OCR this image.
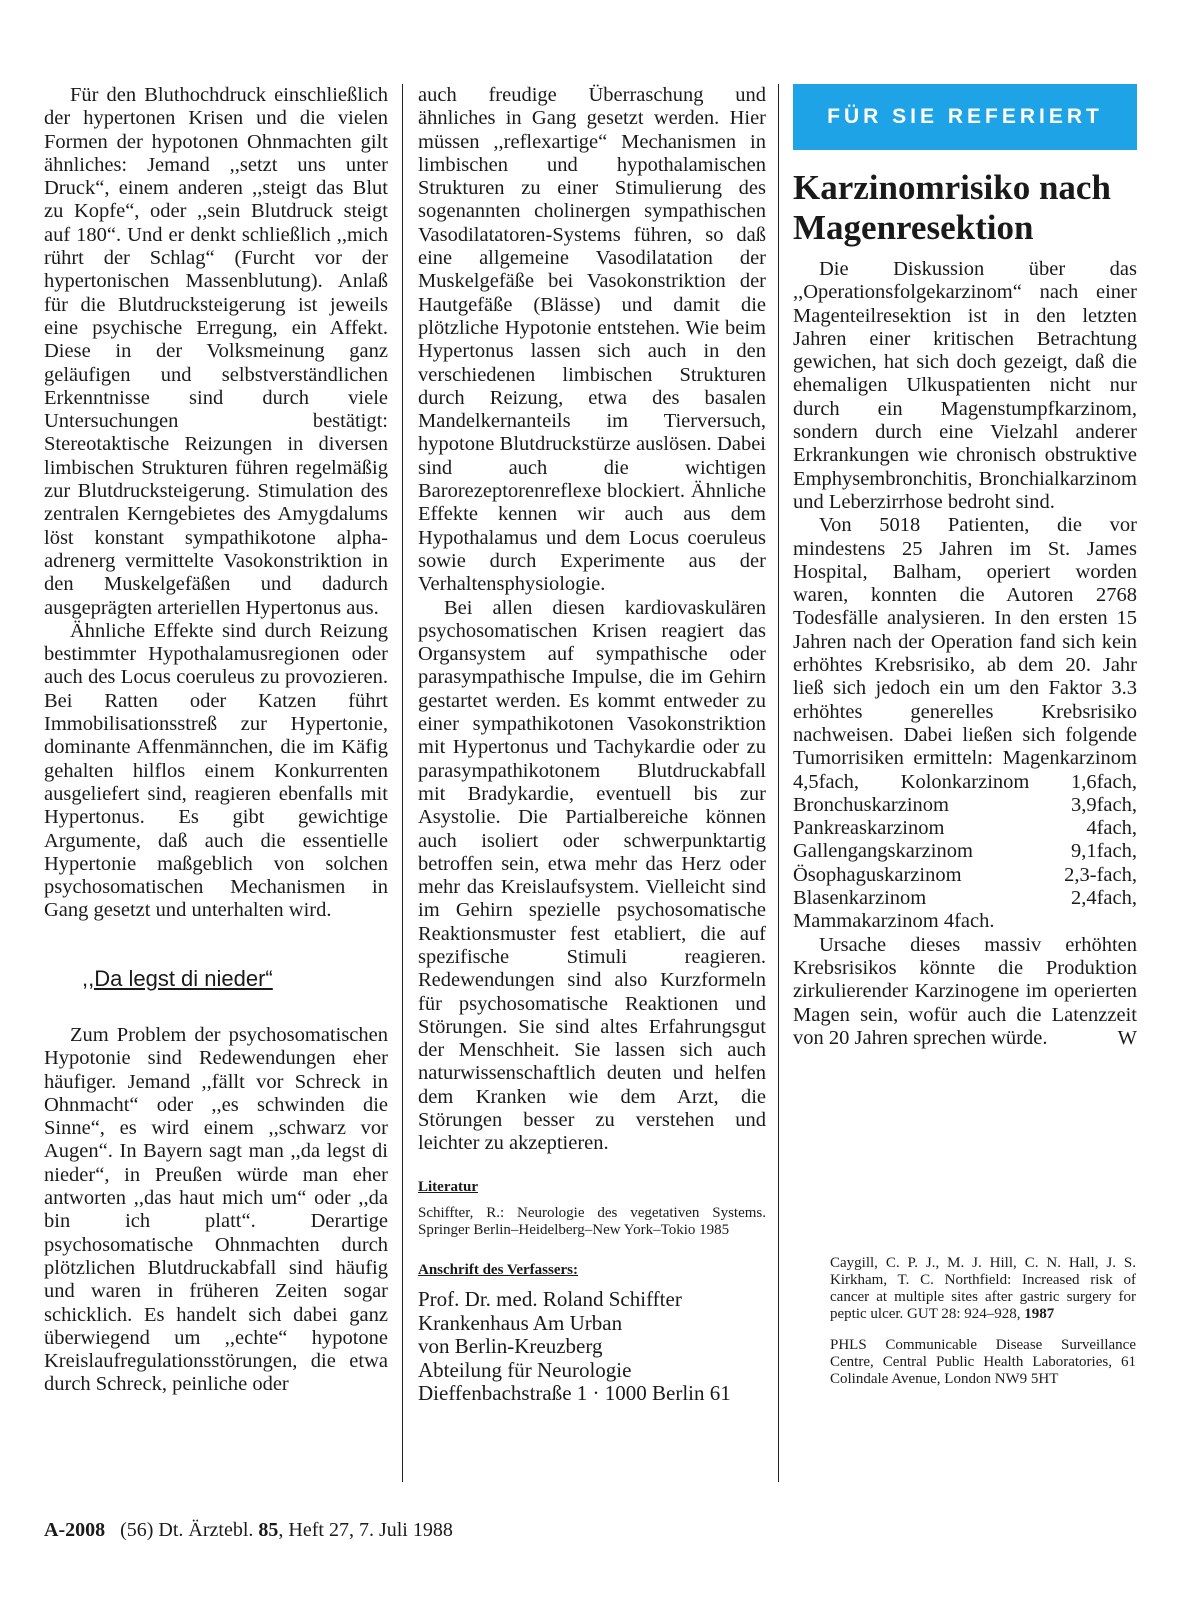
Für den Bluthochdruck einschließlich der hypertonen Krisen und die vielen Formen der hypotonen Ohnmachten gilt ähnliches: Jemand ,,setzt uns unter Druck“, einem anderen ,,steigt das Blut zu Kopfe“, oder ,,sein Blutdruck steigt auf 180“. Und er denkt schließlich ,,mich rührt der Schlag“ (Furcht vor der hypertonischen Massenblutung). Anlaß für die Blutdrucksteigerung ist jeweils eine psychische Erregung, ein Affekt. Diese in der Volksmeinung ganz geläufigen und selbstverständlichen Erkenntnisse sind durch viele Untersuchungen bestätigt: Stereotaktische Reizungen in diversen limbischen Strukturen führen regelmäßig zur Blutdrucksteigerung. Stimulation des zentralen Kerngebietes des Amygdalums löst konstant sympathikotone alpha-adrenerg vermittelte Vasokonstriktion in den Muskelgefäßen und dadurch ausgeprägten arteriellen Hypertonus aus.

Ähnliche Effekte sind durch Reizung bestimmter Hypothalamusregionen oder auch des Locus coeruleus zu provozieren. Bei Ratten oder Katzen führt Immobilisationsstreß zur Hypertonie, dominante Affenmännchen, die im Käfig gehalten hilflos einem Konkurrenten ausgeliefert sind, reagieren ebenfalls mit Hypertonus. Es gibt gewichtige Argumente, daß auch die essentielle Hypertonie maßgeblich von solchen psychosomatischen Mechanismen in Gang gesetzt und unterhalten wird.

,,Da legst di nieder“

Zum Problem der psychosomatischen Hypotonie sind Redewendungen eher häufiger. Jemand ,,fällt vor Schreck in Ohnmacht“ oder ,,es schwinden die Sinne“, es wird einem ,,schwarz vor Augen“. In Bayern sagt man ,,da legst di nieder“, in Preußen würde man eher antworten ,,das haut mich um“ oder ,,da bin ich platt“. Derartige psychosomatische Ohnmachten durch plötzlichen Blutdruckabfall sind häufig und waren in früheren Zeiten sogar schicklich. Es handelt sich dabei ganz überwiegend um ,,echte“ hypotone Kreislaufregulationsstörungen, die etwa durch Schreck, peinliche oder

auch freudige Überraschung und ähnliches in Gang gesetzt werden. Hier müssen ,,reflexartige“ Mechanismen in limbischen und hypothalamischen Strukturen zu einer Stimulierung des sogenannten cholinergen sympathischen Vasodilatatoren-Systems führen, so daß eine allgemeine Vasodilatation der Muskelgefäße bei Vasokonstriktion der Hautgefäße (Blässe) und damit die plötzliche Hypotonie entstehen. Wie beim Hypertonus lassen sich auch in den verschiedenen limbischen Strukturen durch Reizung, etwa des basalen Mandelkernanteils im Tierversuch, hypotone Blutdruckstürze auslösen. Dabei sind auch die wichtigen Barorezeptorenreflexe blockiert. Ähnliche Effekte kennen wir auch aus dem Hypothalamus und dem Locus coeruleus sowie durch Experimente aus der Verhaltensphysiologie.

Bei allen diesen kardiovaskulären psychosomatischen Krisen reagiert das Organsystem auf sympathische oder parasympathische Impulse, die im Gehirn gestartet werden. Es kommt entweder zu einer sympathikotonen Vasokonstriktion mit Hypertonus und Tachykardie oder zu parasympathikotonem Blutdruckabfall mit Bradykardie, eventuell bis zur Asystolie. Die Partialbereiche können auch isoliert oder schwerpunktartig betroffen sein, etwa mehr das Herz oder mehr das Kreislaufsystem. Vielleicht sind im Gehirn spezielle psychosomatische Reaktionsmuster fest etabliert, die auf spezifische Stimuli reagieren. Redewendungen sind also Kurzformeln für psychosomatische Reaktionen und Störungen. Sie sind altes Erfahrungsgut der Menschheit. Sie lassen sich auch naturwissenschaftlich deuten und helfen dem Kranken wie dem Arzt, die Störungen besser zu verstehen und leichter zu akzeptieren.

Literatur

Schiffter, R.: Neurologie des vegetativen Systems. Springer Berlin–Heidelberg–New York–Tokio 1985

Anschrift des Verfassers:
Prof. Dr. med. Roland Schiffter
Krankenhaus Am Urban
von Berlin-Kreuzberg
Abteilung für Neurologie
Dieffenbachstraße 1 · 1000 Berlin 61
FÜR SIE REFERIERT
Karzinomrisiko nach Magenresektion

Die Diskussion über das ,,Operationsfolgekarzinom“ nach einer Magenteilresektion ist in den letzten Jahren einer kritischen Betrachtung gewichen, hat sich doch gezeigt, daß die ehemaligen Ulkuspatienten nicht nur durch ein Magenstumpfkarzinom, sondern durch eine Vielzahl anderer Erkrankungen wie chronisch obstruktive Emphysembronchitis, Bronchialkarzinom und Leberzirrhose bedroht sind.

Von 5018 Patienten, die vor mindestens 25 Jahren im St. James Hospital, Balham, operiert worden waren, konnten die Autoren 2768 Todesfälle analysieren. In den ersten 15 Jahren nach der Operation fand sich kein erhöhtes Krebsrisiko, ab dem 20. Jahr ließ sich jedoch ein um den Faktor 3.3 erhöhtes generelles Krebsrisiko nachweisen. Dabei ließen sich folgende Tumorrisiken ermitteln: Magenkarzinom 4,5fach, Kolonkarzinom 1,6fach, Bronchuskarzinom 3,9fach, Pankreaskarzinom 4fach, Gallengangskarzinom 9,1fach, Ösophaguskarzinom 2,3-fach, Blasenkarzinom 2,4fach, Mammakarzinom 4fach.

Ursache dieses massiv erhöhten Krebsrisikos könnte die Produktion zirkulierender Karzinogene im operierten Magen sein, wofür auch die Latenzzeit von 20 Jahren sprechen würde.	W

Caygill, C. P. J., M. J. Hill, C. N. Hall, J. S. Kirkham, T. C. Northfield: Increased risk of cancer at multiple sites after gastric surgery for peptic ulcer. GUT 28: 924–928, 1987

PHLS Communicable Disease Surveillance Centre, Central Public Health Laboratories, 61 Colindale Avenue, London NW9 5HT

A-2008 (56) Dt. Ärztebl. 85, Heft 27, 7. Juli 1988
